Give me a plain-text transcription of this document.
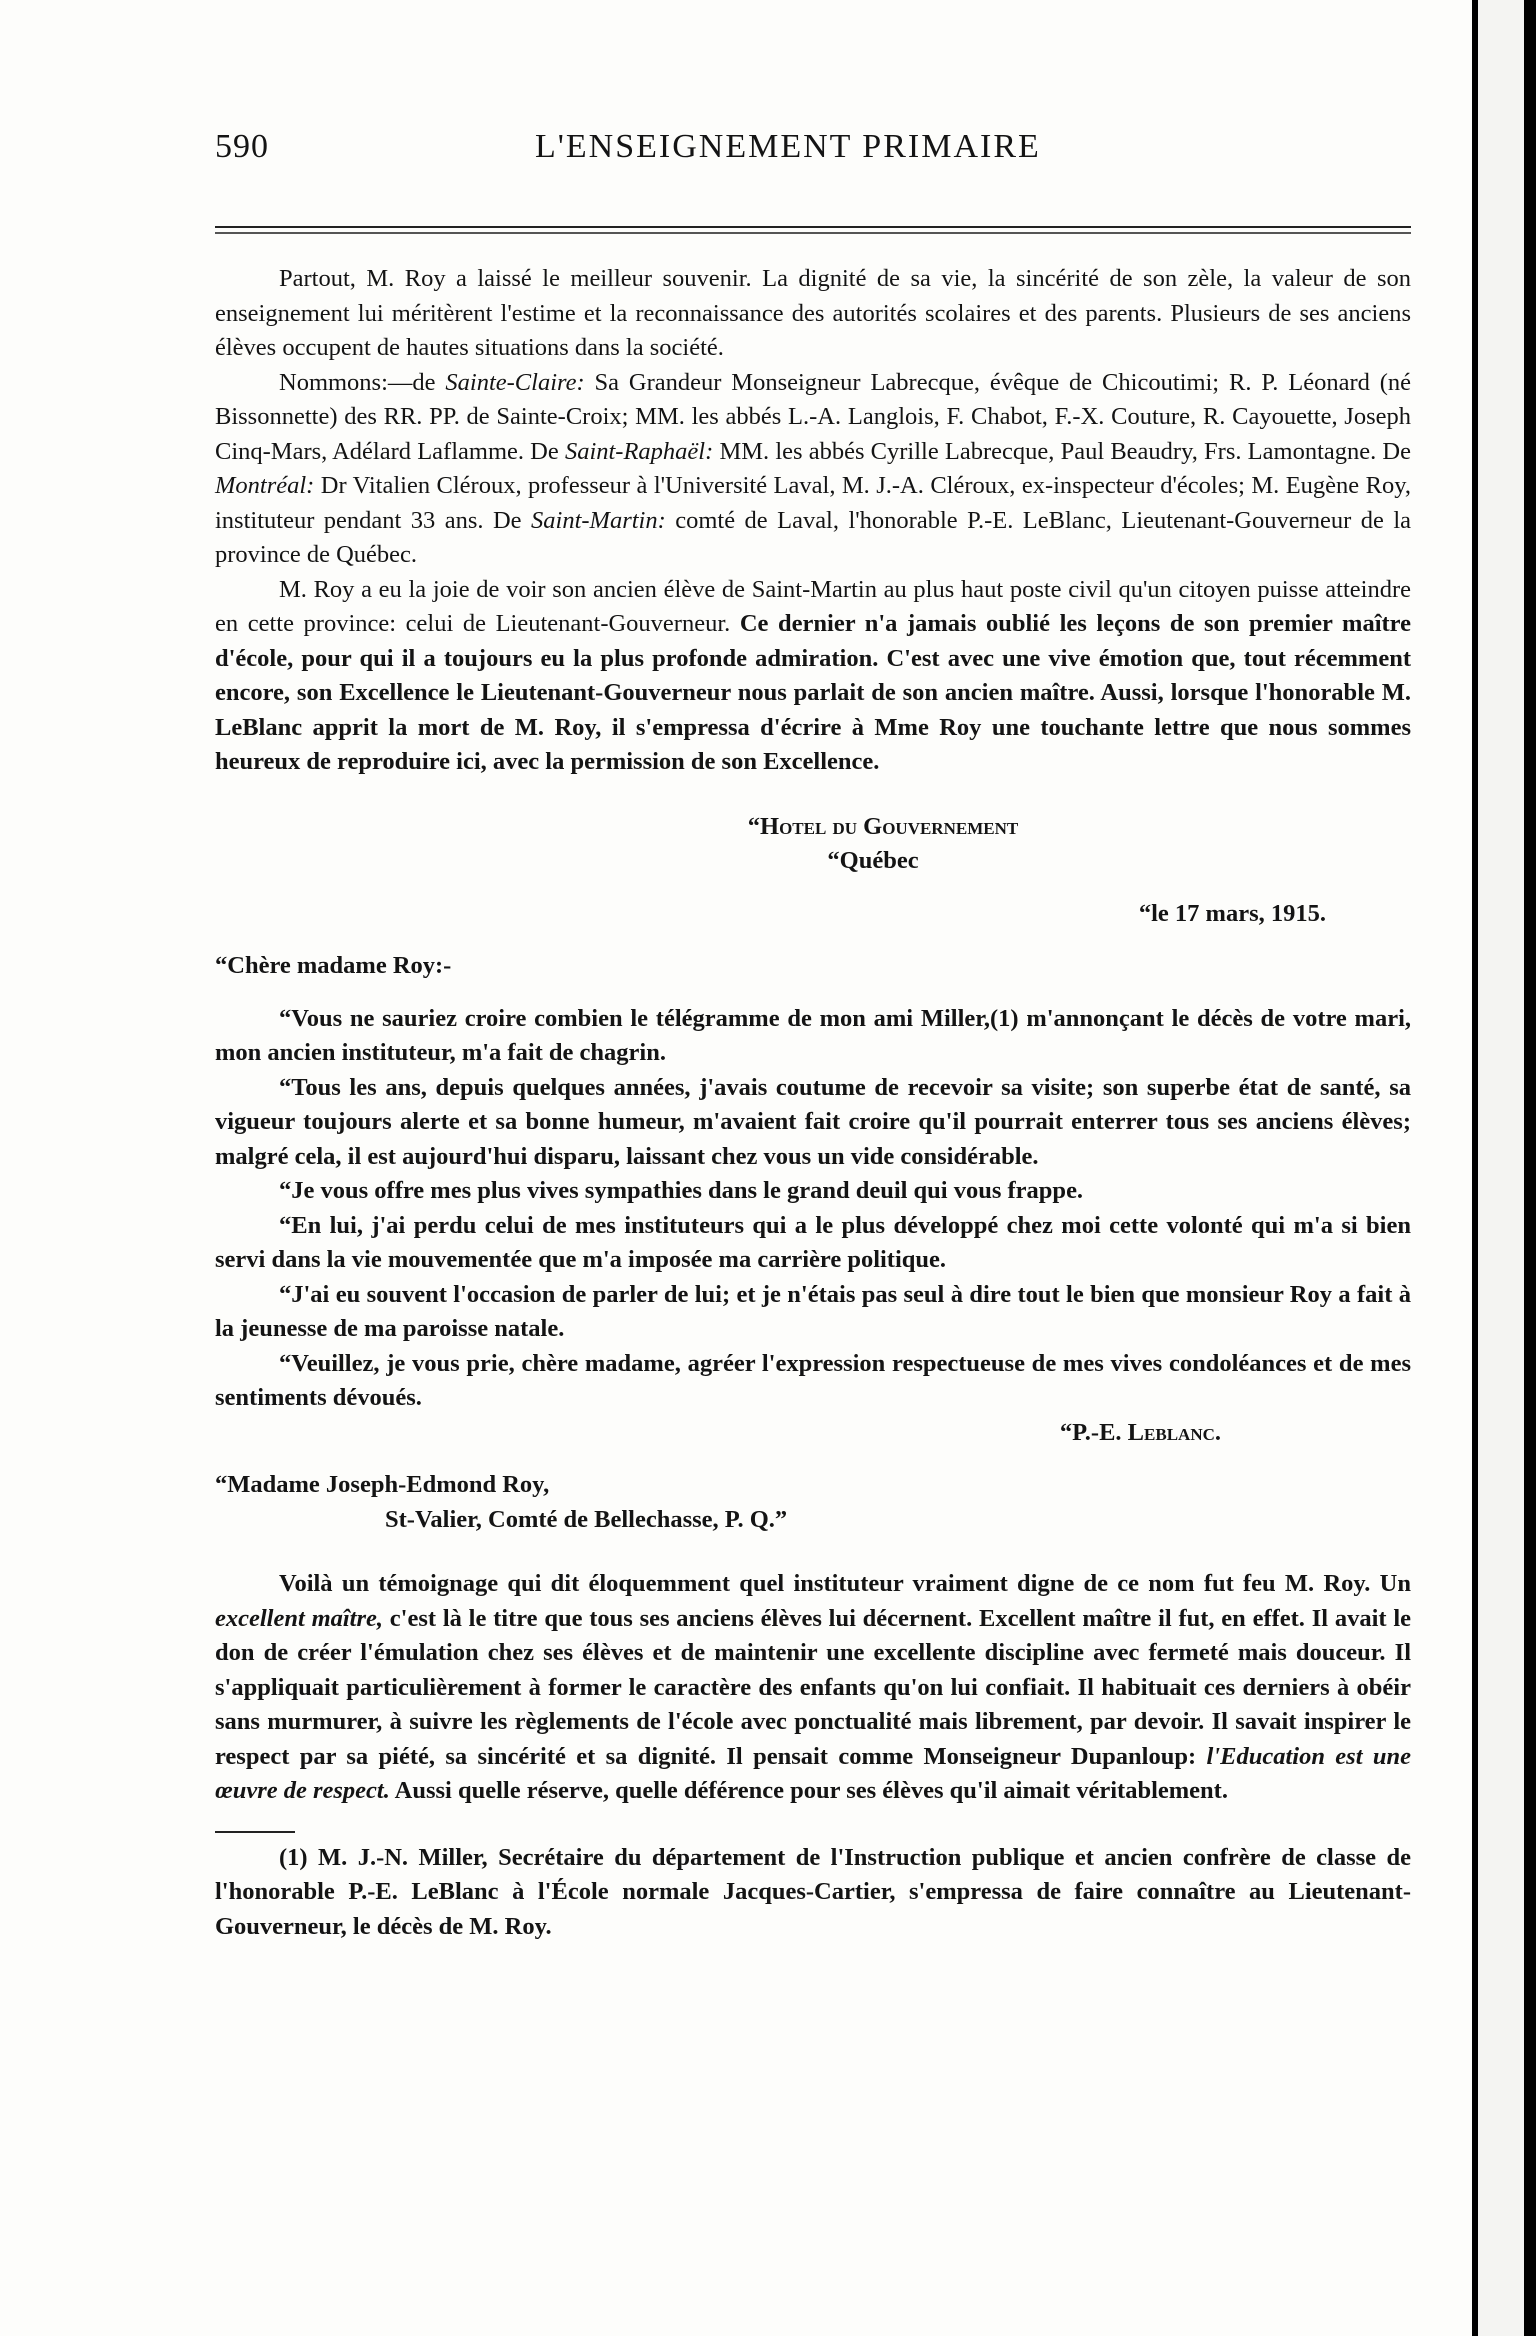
590	L'ENSEIGNEMENT PRIMAIRE

Partout, M. Roy a laissé le meilleur souvenir. La dignité de sa vie, la sincérité de son zèle, la valeur de son enseignement lui méritèrent l'estime et la reconnaissance des autorités scolaires et des parents. Plusieurs de ses anciens élèves occupent de hautes situations dans la société.

Nommons:—de Sainte-Claire: Sa Grandeur Monseigneur Labrecque, évêque de Chicoutimi; R. P. Léonard (né Bissonnette) des RR. PP. de Sainte-Croix; MM. les abbés L.-A. Langlois, F. Chabot, F.-X. Couture, R. Cayouette, Joseph Cinq-Mars, Adélard Laflamme. De Saint-Raphaël: MM. les abbés Cyrille Labrecque, Paul Beaudry, Frs. Lamontagne. De Montréal: Dr Vitalien Cléroux, professeur à l'Université Laval, M. J.-A. Cléroux, ex-inspecteur d'écoles; M. Eugène Roy, instituteur pendant 33 ans. De Saint-Martin: comté de Laval, l'honorable P.-E. LeBlanc, Lieutenant-Gouverneur de la province de Québec.

M. Roy a eu la joie de voir son ancien élève de Saint-Martin au plus haut poste civil qu'un citoyen puisse atteindre en cette province: celui de Lieutenant-Gouverneur. Ce dernier n'a jamais oublié les leçons de son premier maître d'école, pour qui il a toujours eu la plus profonde admiration. C'est avec une vive émotion que, tout récemment encore, son Excellence le Lieutenant-Gouverneur nous parlait de son ancien maître. Aussi, lorsque l'honorable M. LeBlanc apprit la mort de M. Roy, il s'empressa d'écrire à Mme Roy une touchante lettre que nous sommes heureux de reproduire ici, avec la permission de son Excellence.

“Hotel du Gouvernement

“Québec

“le 17 mars, 1915.

“Chère madame Roy:-

“Vous ne sauriez croire combien le télégramme de mon ami Miller,(1) m'annonçant le décès de votre mari, mon ancien instituteur, m'a fait de chagrin.

“Tous les ans, depuis quelques années, j'avais coutume de recevoir sa visite; son superbe état de santé, sa vigueur toujours alerte et sa bonne humeur, m'avaient fait croire qu'il pourrait enterrer tous ses anciens élèves; malgré cela, il est aujourd'hui disparu, laissant chez vous un vide considérable.

“Je vous offre mes plus vives sympathies dans le grand deuil qui vous frappe.

“En lui, j'ai perdu celui de mes instituteurs qui a le plus développé chez moi cette volonté qui m'a si bien servi dans la vie mouvementée que m'a imposée ma carrière politique.

“J'ai eu souvent l'occasion de parler de lui; et je n'étais pas seul à dire tout le bien que monsieur Roy a fait à la jeunesse de ma paroisse natale.

“Veuillez, je vous prie, chère madame, agréer l'expression respectueuse de mes vives condoléances et de mes sentiments dévoués.

“P.-E. Leblanc.

“Madame Joseph-Edmond Roy,

St-Valier, Comté de Bellechasse, P. Q.”

Voilà un témoignage qui dit éloquemment quel instituteur vraiment digne de ce nom fut feu M. Roy. Un excellent maître, c'est là le titre que tous ses anciens élèves lui décernent. Excellent maître il fut, en effet. Il avait le don de créer l'émulation chez ses élèves et de maintenir une excellente discipline avec fermeté mais douceur. Il s'appliquait particulièrement à former le caractère des enfants qu'on lui confiait. Il habituait ces derniers à obéir sans murmurer, à suivre les règlements de l'école avec ponctualité mais librement, par devoir. Il savait inspirer le respect par sa piété, sa sincérité et sa dignité. Il pensait comme Monseigneur Dupanloup: l'Education est une œuvre de respect. Aussi quelle réserve, quelle déférence pour ses élèves qu'il aimait véritablement.

(1) M. J.-N. Miller, Secrétaire du département de l'Instruction publique et ancien confrère de classe de l'honorable P.-E. LeBlanc à l'École normale Jacques-Cartier, s'empressa de faire connaître au Lieutenant-Gouverneur, le décès de M. Roy.
